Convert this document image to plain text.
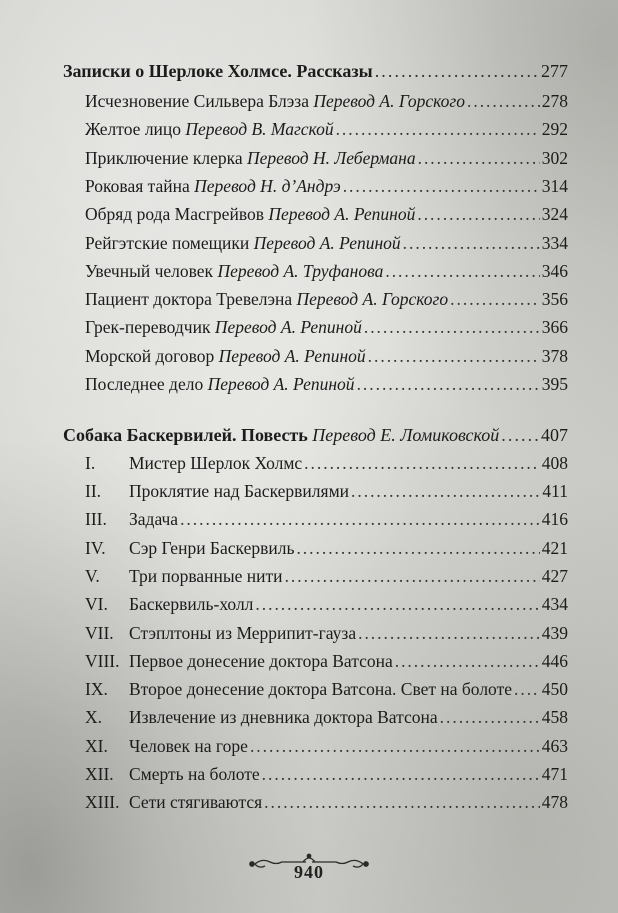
Записки о Шерлоке Холмсе. Рассказы . . .	277
Исчезновение Сильвера Блэза Перевод А. Горского . . .	278
Желтое лицо Перевод В. Магской . . .	292
Приключение клерка Перевод Н. Лебермана . . .	302
Роковая тайна Перевод Н. д’Андрэ . . .	314
Обряд рода Масгрейвов Перевод А. Репиной . . .	324
Рейгэтские помещики Перевод А. Репиной . . .	334
Увечный человек Перевод А. Труфанова . . .	346
Пациент доктора Тревелэна Перевод А. Горского . . .	356
Грек-переводчик Перевод А. Репиной . . .	366
Морской договор Перевод А. Репиной . . .	378
Последнее дело Перевод А. Репиной . . .	395
Собака Баскервилей. Повесть Перевод Е. Ломиковской . . . 407
I. Мистер Шерлок Холмс . . .	408
II. Проклятие над Баскервилями . . .	411
III. Задача . . .	416
IV. Сэр Генри Баскервиль . . .	421
V. Три порванные нити . . .	427
VI. Баскервиль-холл . . .	434
VII. Стэплтоны из Меррипит-гауза . . .	439
VIII. Первое донесение доктора Ватсона . . .	446
IX. Второе донесение доктора Ватсона. Свет на болоте . . . 450
X. Извлечение из дневника доктора Ватсона . . .	458
XI. Человек на горе . . .	463
XII. Смерть на болоте . . .	471
XIII. Сети стягиваются . . .	478
940
